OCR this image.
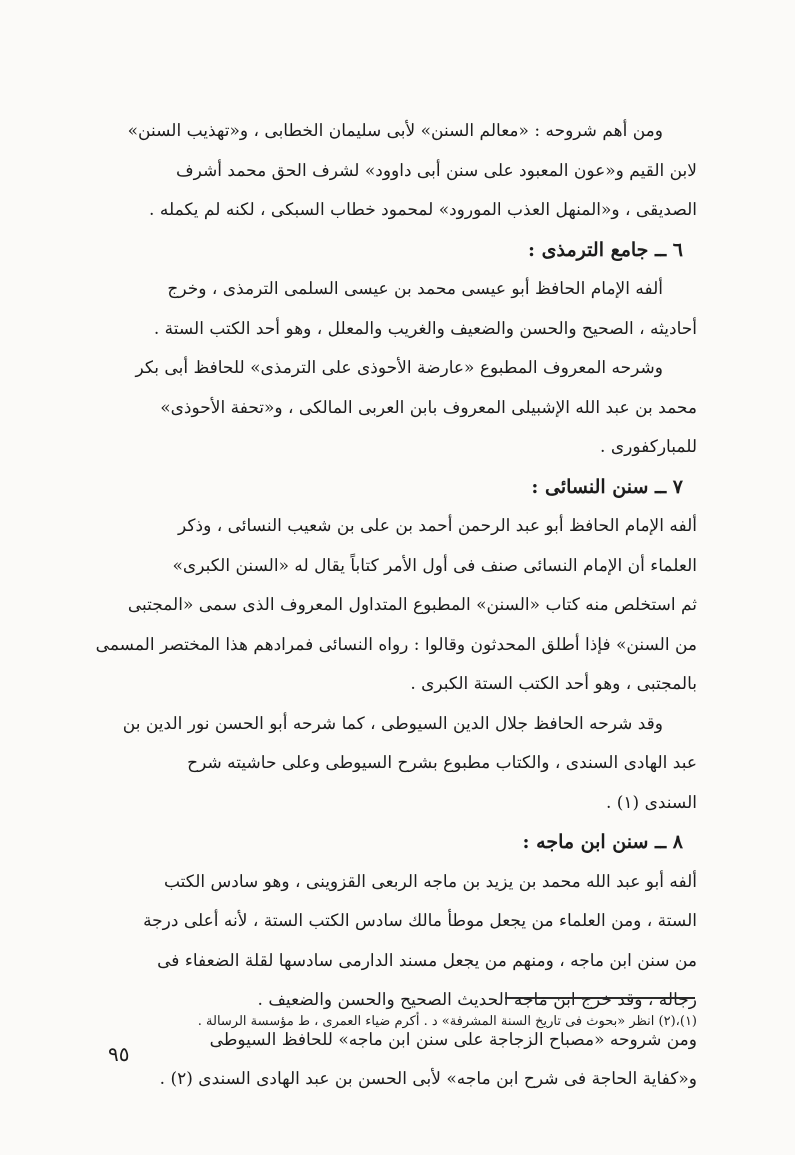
ومن أهم شروحه : «معالم السنن» لأبى سليمان الخطابى ، و«تهذيب السنن»

لابن القيم و«عون المعبود على سنن أبى داوود» لشرف الحق محمد أشرف

الصديقى ، و«المنهل العذب المورود» لمحمود خطاب السبكى ، لكنه لم يكمله .

٦ ــ جامع الترمذى :

ألفه الإمام الحافظ أبو عيسى محمد بن عيسى السلمى الترمذى ، وخرج

أحاديثه ، الصحيح والحسن والضعيف والغريب والمعلل ، وهو أحد الكتب الستة .

وشرحه المعروف المطبوع «عارضة الأحوذى على الترمذى» للحافظ أبى بكر

محمد بن عبد الله الإشبيلى المعروف بابن العربى المالكى ، و«تحفة الأحوذى»

للمباركفورى .

٧ ــ سنن النسائى :

ألفه الإمام الحافظ أبو عبد الرحمن أحمد بن على بن شعيب النسائى ، وذكر

العلماء أن الإمام النسائى صنف فى أول الأمر كتاباً يقال له «السنن الكبرى»

ثم استخلص منه كتاب «السنن» المطبوع المتداول المعروف الذى سمى «المجتبى

من السنن» فإذا أطلق المحدثون وقالوا : رواه النسائى فمرادهم هذا المختصر المسمى

بالمجتبى ، وهو أحد الكتب الستة الكبرى .

وقد شرحه الحافظ جلال الدين السيوطى ، كما شرحه أبو الحسن نور الدين بن

عبد الهادى السندى ، والكتاب مطبوع بشرح السيوطى وعلى حاشيته شرح

السندى (١) .

٨ ــ سنن ابن ماجه :

ألفه أبو عبد الله محمد بن يزيد بن ماجه الربعى القزوينى ، وهو سادس الكتب

الستة ، ومن العلماء من يجعل موطأ مالك سادس الكتب الستة ، لأنه أعلى درجة

من سنن ابن ماجه ، ومنهم من يجعل مسند الدارمى سادسها لقلة الضعفاء فى

رجاله ، وقد خرج ابن ماجه الحديث الصحيح والحسن والضعيف .

ومن شروحه «مصباح الزجاجة على سنن ابن ماجه» للحافظ السيوطى

و«كفاية الحاجة فى شرح ابن ماجه» لأبى الحسن بن عبد الهادى السندى (٢) .

(١)،(٢) انظر «بحوث فى تاريخ السنة المشرفة» د . أكرم ضياء العمرى ، ط مؤسسة الرسالة .
٩٥
